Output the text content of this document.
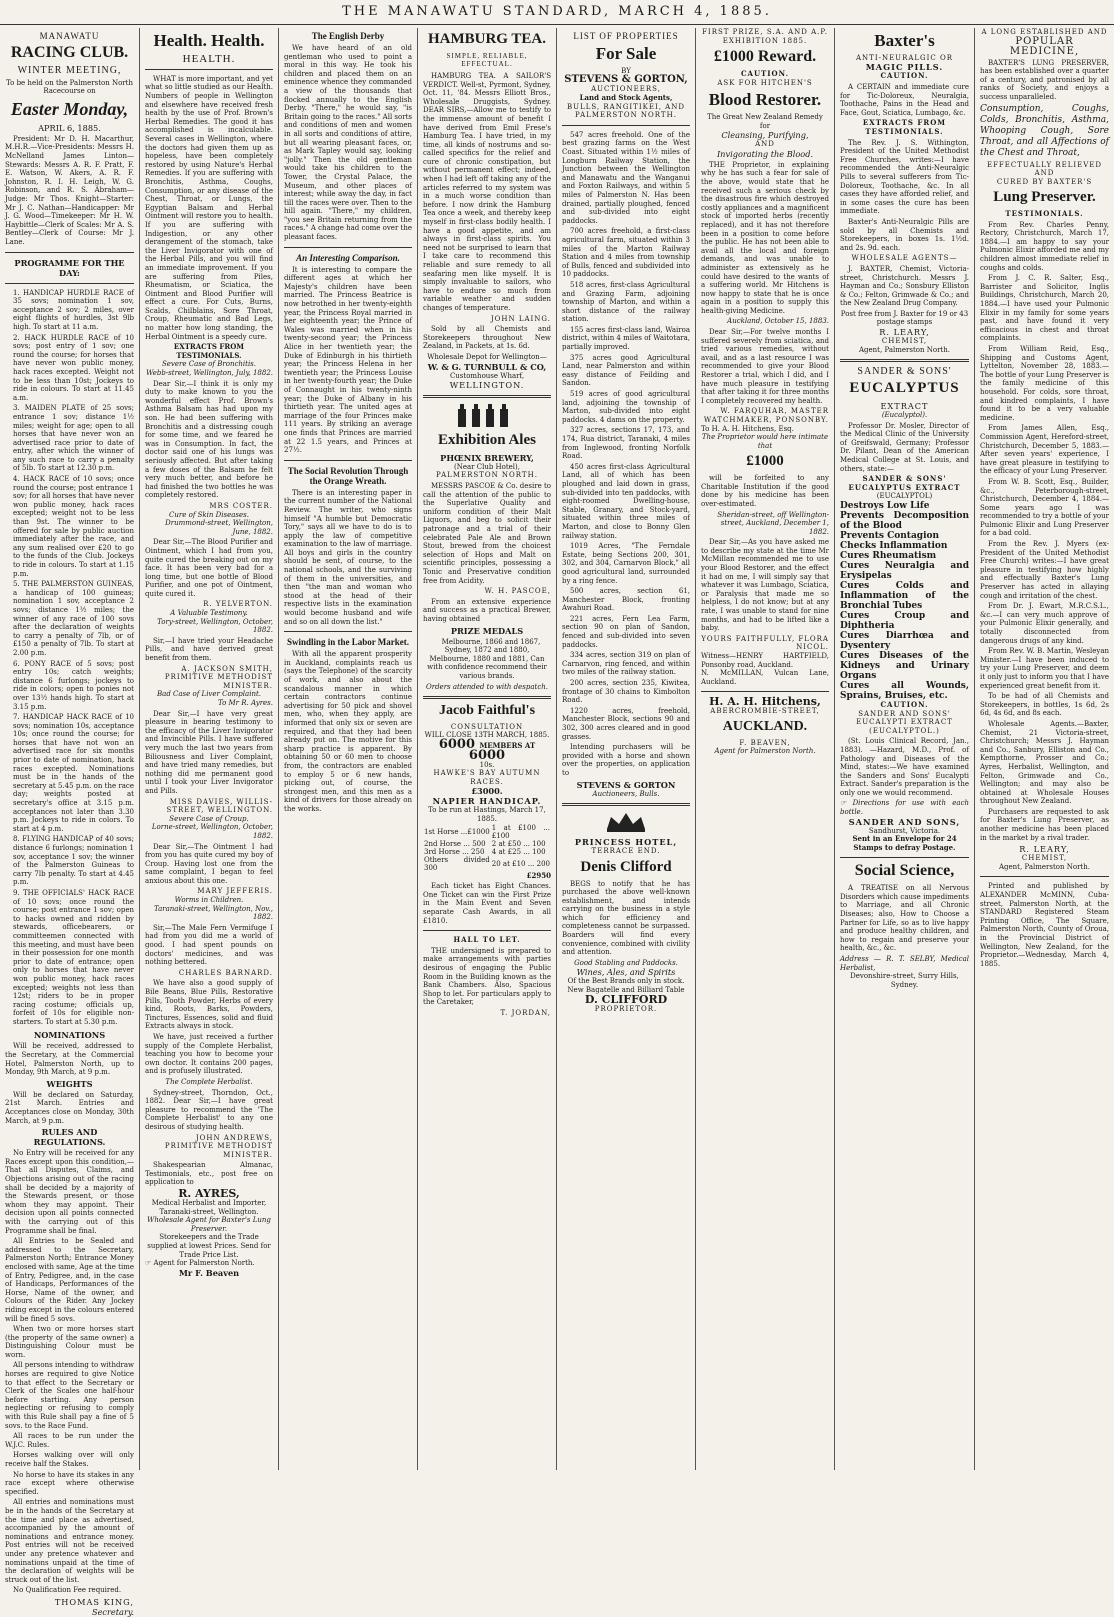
THE MANAWATU STANDARD, MARCH 4, 1885.
MANAWATU
RACING CLUB.
WINTER MEETING,
To be held on the Palmerston North Racecourse on
Easter Monday,
APRIL 6, 1885.

President: Mr D. H. Macarthur, M.H.R.—Vice-Presidents: Messrs H. McNelland James Linton—Stewards: Messrs A. R. F. Pratt, F. E. Watson, W. Akers, A. R. F. Johnston, R. I. H. Leigh, W. G. Robinson, and R. S. Abraham—Judge: Mr Thos. Knight—Starter: Mr J. C. Nathan—Handicapper: Mr J. G. Wood—Timekeeper: Mr H. W. Haybittle—Clerk of Scales: Mr A. S. Bentley—Clerk of Course: Mr J. Lane.

PROGRAMME FOR THE DAY:

1. HANDICAP HURDLE RACE of 35 sovs; nomination 1 sov, acceptance 2 sov; 2 miles, over eight flights of hurdles, 3st 9lb high. To start at 11 a.m.

2. HACK HURDLE RACE of 10 sovs; post entry of 1 sov; one round the course; for horses that have never won public money, hack races excepted. Weight not to be less than 10st; Jockeys to ride in colours. To start at 11.45 a.m.

3. MAIDEN PLATE of 25 sovs; entrance 1 sov; distance 1½ miles; weight for age; open to all horses that have never won an advertised race prior to date of entry, after which the winner of any such race to carry a penalty of 5lb. To start at 12.30 p.m.

4. HACK RACE of 10 sovs; once round the course; post entrance 1 sov; for all horses that have never won public money, hack races excepted; weight not to be less than 9st. The winner to be offered for sale by public auction immediately after the race, and any sum realised over £20 to go to the funds of the Club. Jockeys to ride in colours. To start at 1.15 p.m.

5. THE PALMERSTON GUINEAS, a handicap of 100 guineas; nomination 1 sov, acceptance 2 sovs; distance 1½ miles; the winner of any race of 100 sovs after the declaration of weights to carry a penalty of 7lb, or of £150 a penalty of 7lb. To start at 2.00 p.m.

6. PONY RACE of 5 sovs; post entry 10s; catch weights; distance 6 furlongs; jockeys to ride in colors; open to ponies not over 13½ hands high. To start at 3.15 p.m.

7. HANDICAP HACK RACE of 10 sovs; nomination 10s, acceptance 10s; once round the course; for horses that have not won an advertised race for six months prior to date of nomination, hack races excepted. Nominations must be in the hands of the secretary at 5.45 p.m. on the race day; weights posted at secretary's office at 3.15 p.m. acceptances not later than 3.30 p.m. Jockeys to ride in colors. To start at 4 p.m.

8. FLYING HANDICAP of 40 sovs; distance 6 furlongs; nomination 1 sov, acceptance 1 sov; the winner of the Palmerston Guineas to carry 7lb penalty. To start at 4.45 p.m.

9. THE OFFICIALS' HACK RACE of 10 sovs; once round the course; post entrance 1 sov; open to hacks owned and ridden by stewards, officebearers, or committeemen connected with this meeting, and must have been in their possession for one month prior to date of entrance; open only to horses that have never won public money, hack races excepted; weights not less than 12st; riders to be in proper racing costume; officials up, forfeit of 10s for eligible non-starters. To start at 5.30 p.m.

NOMINATIONS

Will be received, addressed to the Secretary, at the Commercial Hotel, Palmerston North, up to Monday, 9th March, at 9 p.m.

WEIGHTS

Will be declared on Saturday, 21st March. Entries and Acceptances close on Monday, 30th March, at 9 p.m.

RULES AND REGULATIONS.

No Entry will be received for any Races except upon this condition,—That all Disputes, Claims, and Objections arising out of the racing shall be decided by a majority of the Stewards present, or those whom they may appoint. Their decision upon all points connected with the carrying out of this Programme shall be final.

All Entries to be Sealed and addressed to the Secretary, Palmerston North; Entrance Money enclosed with same, Age at the time of Entry, Pedigree, and, in the case of Handicaps, Performances of the Horse, Name of the owner, and Colours of the Rider. Any Jockey riding except in the colours entered will be fined 5 sovs.

When two or more horses start (the property of the same owner) a Distinguishing Colour must be worn.

All persons intending to withdraw horses are required to give Notice to that effect to the Secretary or Clerk of the Scales one half-hour before starting. Any person neglecting or refusing to comply with this Rule shall pay a fine of 5 sovs. to the Race Fund.

All races to be run under the W.J.C. Rules.

Horses walking over will only receive half the Stakes.

No horse to have its stakes in any race except where otherwise specified.

All entries and nominations must be in the hands of the Secretary at the time and place as advertised, accompanied by the amount of nominations and entrance money. Post entries will not be received under any pretence whatever and nominations unpaid at the time of the declaration of weights will be struck out of the list.

No Qualification Fee required.

THOMAS KING,
Secretary.
Health. Health.
HEALTH.

WHAT is more important, and yet what so little studied as our Health. Numbers of people in Wellington and elsewhere have received fresh health by the use of Prof. Brown's Herbal Remedies. The good it has accomplished is incalculable. Several cases in Wellington, where the doctors had given them up as hopeless, have been completely restored by using Nature's Herbal Remedies. If you are suffering with Bronchitis, Asthma, Coughs, Consumption, or any disease of the Chest, Throat, or Lungs, the Egyptian Balsam and Herbal Ointment will restore you to health. If you are suffering with Indigestion, or any other derangement of the stomach, take the Liver Invigorator with one of the Herbal Pills, and you will find an immediate improvement. If you are suffering from Piles, Rheumatism, or Sciatica, the Ointment and Blood Purifier will effect a cure. For Cuts, Burns, Scalds, Chilblains, Sore Throat, Croup, Rheumatic and Bad Legs, no matter how long standing, the Herbal Ointment is a speedy cure.

EXTRACTS FROM TESTIMONIALS.
Severe Case of Bronchitis.
Webb-street, Wellington, July, 1882.

Dear Sir,—I think it is only my duty to make known to you the wonderful effect Prof. Brown's Asthma Balsam has had upon my son. He had been suffering with Bronchitis and a distressing cough for some time, and we feared he was in Consumption. In fact, the doctor said one of his lungs was seriously affected. But after taking a few doses of the Balsam he felt very much better, and before he had finished the two bottles he was completely restored.

MRS COSTER.
Cure of Skin Diseases.
Drummond-street, Wellington, June, 1882.

Dear Sir,—The Blood Purifier and Ointment, which I had from you, quite cured the breaking out on my face. It has been very bad for a long time, but one bottle of Blood Purifier, and one pot of Ointment, quite cured it.

R. YELVERTON.
A Valuable Testimony.
Tory-street, Wellington, October, 1882.

Sir,—I have tried your Headache Pills, and have derived great benefit from them.

A. JACKSON SMITH, PRIMITIVE METHODIST MINISTER.
Bad Case of Liver Complaint.
To Mr R. Ayres.

Dear Sir,—I have very great pleasure in bearing testimony to the efficacy of the Liver Invigorator and Invincible Pills. I have suffered very much the last two years from Biliousness and Liver Complaint, and have tried many remedies, but nothing did me permanent good until I took your Liver Invigorator and Pills.

MISS DAVIES, WILLIS-STREET, WELLINGTON.
Severe Case of Croup.
Lorne-street, Wellington, October, 1882.

Dear Sir,—The Ointment I had from you has quite cured my boy of Croup. Having lost one from the same complaint, I began to feel anxious about this one.

MARY JEFFERIS.
Worms in Children.
Taranaki-street, Wellington, Nov., 1882.

Sir,—The Male Fern Vermifuge I had from you did me a world of good. I had spent pounds on doctors' medicines, and was nothing bettered.

CHARLES BARNARD.

We have also a good supply of Bile Beans, Blue Pills, Restorative Pills, Tooth Powder, Herbs of every kind, Roots, Barks, Powders, Tinctures, Essences, solid and fluid Extracts always in stock.

We have, just received a further supply of the Complete Herbalist, teaching you how to become your own doctor. It contains 200 pages, and is profusely illustrated.

The Complete Herbalist.

Sydney-street, Thorndon, Oct., 1882. Dear Sir,—I have great pleasure to recommend the 'The Complete Herbalist' to any one desirous of studying health.

JOHN ANDREWS, PRIMITIVE METHODIST MINISTER.

Shakespearian Almanac, Testimonials, etc., post free on application to

R. AYRES,
Medical Herbalist and Importer, Taranaki-street, Wellington.
Wholesale Agent for Baxter's Lung Preserver.
Storekeepers and the Trade supplied at lowest Prices. Send for Trade Price List.
☞ Agent for Palmerston North.
Mr F. Beaven
The English Derby

We have heard of an old gentleman who used to point a moral in this way. He took his children and placed them on an eminence whence they commanded a view of the thousands that flocked annually to the English Derby. "There," he would say, "is Britain going to the races." All sorts and conditions of men and women in all sorts and conditions of attire, but all wearing pleasant faces, or, as Mark Tapley would say, looking "jolly." Then the old gentleman would take his children to the Tower, the Crystal Palace, the Museum, and other places of interest; while away the day, in fact till the races were over. Then to the hill again. "There," my children, "you see Britain returning from the races." A change had come over the pleasant faces.

An Interesting Comparison.

It is interesting to compare the different ages at which her Majesty's children have been married. The Princess Beatrice is now betrothed in her twenty-eighth year, the Princess Royal married in her eighteenth year; the Prince of Wales was married when in his twenty-second year; the Princess Alice in her twentieth year; the Duke of Edinburgh in his thirtieth year; the Princess Helena in her twentieth year; the Princess Louise in her twenty-fourth year; the Duke of Connaught in his twenty-ninth year; the Duke of Albany in his thirtieth year. The united ages at marriage of the four Princes make 111 years. By striking an average one finds that Princes are married at 22 1.5 years, and Princes at 27½.

The Social Revolution Through the Orange Wreath.

There is an interesting paper in the current number of the National Review. The writer, who signs himself "A humble but Democratic Tory," says all we have to do is to apply the law of competitive examination to the law of marriage. All boys and girls in the country should be sent, of course, to the national schools, and the surviving of them in the universities, and then "the man and woman who stood at the head of their respective lists in the examination would become husband and wife and so on all down the list."

Swindling in the Labor Market.

With all the apparent prosperity in Auckland, complaints reach us (says the Telephone) of the scarcity of work, and also about the scandalous manner in which certain contractors continue advertising for 50 pick and shovel men, who, when they apply, are informed that only six or seven are required, and that they had been already put on. The motive for this sharp practice is apparent. By obtaining 50 or 60 men to choose from, the contractors are enabled to employ 5 or 6 new hands, picking out, of course, the strongest men, and this men as a kind of drivers for those already on the works.

HAMBURG TEA.
SIMPLE, RELIABLE, EFFECTUAL.

HAMBURG TEA. A SAILOR'S VERDICT. Well-st, Pyrmont, Sydney, Oct. 11, '84. Messrs Elliott Bros., Wholesale Druggists, Sydney. DEAR SIRS,—Allow me to testify to the immense amount of benefit I have derived from Emil Frese's Hamburg Tea. I have tried, in my time, all kinds of nostrums and so-called specifics for the relief and cure of chronic constipation, but without permanent effect; indeed, when I had left off taking any of the articles referred to my system was in a much worse condition than before. I now drink the Hamburg Tea once a week, and thereby keep myself in first-class bodily health. I have a good appetite, and am always in first-class spirits. You need not be surprised to learn that I take care to recommend this reliable and sure remedy to all seafaring men like myself. It is simply invaluable to sailors, who have to endure so much from variable weather and sudden changes of temperature.

JOHN LAING.

Sold by all Chemists and Storekeepers throughout New Zealand, in Packets, at 1s. 6d.

Wholesale Depot for Wellington—
W. & G. TURNBULL & CO,
Customhouse Wharf,
WELLINGTON.
Exhibition Ales
PHŒNIX BREWERY,
(Near Club Hotel),
PALMERSTON NORTH.

MESSRS PASCOE & Co. desire to call the attention of the public to the Superlative Quality and uniform condition of their Malt Liquors, and beg to solicit their patronage and a trial of their celebrated Pale Ale and Brown Stout, brewed from the choicest selection of Hops and Malt on scientific principles, possessing a Tonic and Preservative condition free from Acidity.

W. H. PASCOE,

From an extensive experience and success as a practical Brewer, having obtained

PRIZE MEDALS

Melbourne, 1866 and 1867, Sydney, 1872 and 1880, Melbourne, 1880 and 1881, Can with confidence recommend their various brands.

Orders attended to with despatch.
Jacob Faithful's
CONSULTATION
WILL CLOSE 13TH MARCH, 1885.
6000 MEMBERS AT 6000
10s.
HAWKE'S BAY AUTUMN RACES.
£3000.
NAPIER HANDICAP.
To be run at Hastings, March 17, 1885.
1st Horse ...£1000	1 at £100 ...£100
2nd Horse ... 500	2 at £50 ... 100
3rd Horse ... 250	4 at £25 ... 100
Others divided 300	20 at £10 ... 200
£2950

Each ticket has Eight Chances. One Ticket can win the First Prize in the Main Event and Seven separate Cash Awards, in all £1810.

HALL TO LET.

THE undersigned is prepared to make arrangements with parties desirous of engaging the Public Room in the Building known as the Bank Chambers. Also, Spacious Shop to let. For particulars apply to the Caretaker,

T. JORDAN,
LIST OF PROPERTIES
For Sale
BY
STEVENS & GORTON,
AUCTIONEERS,
Land and Stock Agents,
BULLS, RANGITIKEI, AND PALMERSTON NORTH.

547 acres freehold. One of the best grazing farms on the West Coast. Situated within 1½ miles of Longburn Railway Station, the Junction between the Wellington and Manawatu and the Wanganui and Foxton Railways, and within 5 miles of Palmerston N. Has been drained, partially ploughed, fenced and sub-divided into eight paddocks.

700 acres freehold, a first-class agricultural farm, situated within 3 miles of the Marton Railway Station and 4 miles from township of Bulls, fenced and subdivided into 10 paddocks.

518 acres, first-class Agricultural and Grazing Farm, adjoining township of Marton, and within a short distance of the railway station.

155 acres first-class land, Wairoa district, within 4 miles of Waitotara, partially improved.

375 acres good Agricultural Land, near Palmerston and within easy distance of Feilding and Sandon.

519 acres of good agricultural land, adjoining the township of Marton, sub-divided into eight paddocks. 4 dams on the property.

327 acres, sections 17, 173, and 174, Rua district, Taranaki, 4 miles from Inglewood, fronting Norfolk Road.

450 acres first-class Agricultural Land, all of which has been ploughed and laid down in grass, sub-divided into ten paddocks, with eight-roomed Dwelling-house, Stable, Granary, and Stock-yard, situated within three miles of Marton, and close to Bonny Glen railway station.

1019 Acres, "The Ferndale Estate, being Sections 200, 301, 302, and 304, Carnarvon Block," all good agricultural land, surrounded by a ring fence.

500 acres, section 61, Manchester Block, fronting Awahuri Road.

221 acres, Fern Lea Farm, section 90 on plan of Sandon, fenced and sub-divided into seven paddocks.

334 acres, section 319 on plan of Carnarvon, ring fenced, and within two miles of the railway station.

200 acres, section 235, Kiwitea, frontage of 30 chains to Kimbolton Road.

1220 acres, freehold, Manchester Block, sections 90 and 302, 300 acres cleared and in good grasses.

Intending purchasers will be provided with a horse and shown over the properties, on application to

STEVENS & GORTON
Auctioneers, Bulls.
PRINCESS HOTEL,
TERRACE END.
Denis Clifford

BEGS to notify that he has purchased the above well-known establishment, and intends carrying on the business in a style which for efficiency and completeness cannot be surpassed. Boarders will find every convenience, combined with civility and attention.

Good Stabling and Paddocks.
Wines, Ales, and Spirits
Of the Best Brands only in stock.
New Bagatelle and Billiard Table
D. CLIFFORD
PROPRIETOR.
FIRST PRIZE, S.A. AND A.P. EXHIBITION 1885.
£1000 Reward.
CAUTION.
ASK FOR HITCHEN'S
Blood Restorer.
The Great New Zealand Remedy for
Cleansing, Purifying,
AND
Invigorating the Blood.

THE Proprietor, in explaining why he has such a fear for sale of the above, would state that he received such a serious check by the disastrous fire which destroyed costly appliances and a magnificent stock of imported herbs (recently replaced), and it has not therefore been in a position to come before the public. He has not been able to avail all the local and foreign demands, and was unable to administer as extensively as he could have desired to the wants of a suffering world. Mr Hitchens is now happy to state that he is once again in a position to supply this health-giving Medicine.

Auckland, October 15, 1883.

Dear Sir,—For twelve months I suffered severely from sciatica, and tried various remedies, without avail, and as a last resource I was recommended to give your Blood Restorer a trial, which I did, and I have much pleasure in testifying that after taking it for three months I completely recovered my health.

W. FARQUHAR, MASTER WATCHMAKER, PONSONBY.
To H. A. H. Hitchens, Esq.
The Proprietor would here intimate that
£1000

will be forfeited to any Charitable Institution if the good done by his medicine has been over-estimated.

Sheridan-street, off Wellington-street, Auckland, December 1, 1882.

Dear Sir,—As you have asked me to describe my state at the time Mr McMillan recommended me to use your Blood Restorer, and the effect it had on me, I will simply say that whatever it was Lumbago, Sciatica, or Paralysis that made me so helpless, I do not know; but at any rate, I was unable to stand for nine months, and had to be lifted like a baby.

YOURS FAITHFULLY, FLORA NICOL.
Witness—HENRY HARTFIELD, Ponsonby road, Auckland.
N. McMILLAN, Vulcan Lane, Auckland.
H. A. H. Hitchens,
ABERCROMBIE-STREET,
AUCKLAND.
F. BEAVEN,
Agent for Palmerston North.
Baxter's
ANTI-NEURALGIC OR
MAGIC PILLS.
CAUTION.

A CERTAIN and immediate cure for Tic-Doloreux, Neuralgia, Toothache, Pains in the Head and Face, Gout, Sciatica, Lumbago, &c.

EXTRACTS FROM TESTIMONIALS.

The Rev. J. S. Withington, President of the United Methodist Free Churches, writes:—I have recommended the Anti-Neuralgic Pills to several sufferers from Tic-Doloreux, Toothache, &c. In all cases they have afforded relief, and in some cases the cure has been immediate.

Baxter's Anti-Neuralgic Pills are sold by all Chemists and Storekeepers, in boxes 1s. 1½d. and 2s. 9d. each.

WHOLESALE AGENTS—

J. BAXTER, Chemist, Victoria-street, Christchurch. Messrs J. Hayman and Co.; Sonsbury Elliston & Co.; Felton, Grimwade & Co.; and the New Zealand Drug Company.

Post free from J. Baxter for 19 or 43 postage stamps
R. LEARY,
CHEMIST,
Agent, Palmerston North.
SANDER & SONS'
EUCALYPTUS
EXTRACT
(Eucalyptol).

Professor Dr. Mosler, Director of the Medical Clinic of the University of Greifswald, Germany; Professor Dr. Pilant, Dean of the American Medical College at St. Louis, and others, state:—

SANDER & SONS' EUCALYPTUS EXTRACT
(EUCALYPTOL)
Destroys Low Life
Prevents Decomposition of the Blood
Prevents Contagion
Checks Inflammation
Cures Rheumatism
Cures Neuralgia and Erysipelas
Cures Colds and Inflammation of the Bronchial Tubes
Cures Croup and Diphtheria
Cures Diarrhœa and Dysentery
Cures Diseases of the Kidneys and Urinary Organs
Cures all Wounds, Sprains, Bruises, etc.
CAUTION.
SANDER AND SONS' EUCALYPTI EXTRACT (EUCALYPTOL.)

(St. Louis Clinical Record, Jan., 1883). —Hazard, M.D., Prof. of Pathology and Diseases of the Mind, states:—We have examined the Sanders and Sons' Eucalypti Extract. Sander's preparation is the only one we would recommend.

☞ Directions for use with each bottle.
SANDER AND SONS,
Sandhurst, Victoria.
Sent in an Envelope for 24 Stamps to defray Postage.
Social Science,

A TREATISE on all Nervous Disorders which cause impediments to Marriage, and all Chronic Diseases; also, How to Choose a Partner for Life, so as to live happy and produce healthy children, and how to regain and preserve your health, &c., &c.

Address — R. T. SELBY, Medical Herbalist,
Devonshire-street, Surry Hills, Sydney.
A LONG ESTABLISHED AND
POPULAR MEDICINE,

BAXTER'S LUNG PRESERVER, has been established over a quarter of a century, and patronised by all ranks of Society, and enjoys a success unparalleled.

Consumption, Coughs, Colds, Bronchitis, Asthma, Whooping Cough, Sore Throat, and all Affections of the Chest and Throat,

EFFECTUALLY RELIEVED AND
CURED BY BAXTER'S
Lung Preserver.
TESTIMONIALS.

From Rev. Charles Penny, Rectory, Christchurch, March 17, 1884.—I am happy to say your Pulmonic Elixir afforded me and my children almost immediate relief in coughs and colds.

From J. C. R. Salter, Esq., Barrister and Solicitor, Inglis Buildings, Christchurch, March 20, 1884.—I have used your Pulmonic Elixir in my family for some years past, and have found it very efficacious in chest and throat complaints.

From William Reid, Esq., Shipping and Customs Agent, Lyttelton, November 28, 1883.—The bottle of your Lung Preserver is the family medicine of this household. For colds, sore throat, and kindred complaints, I have found it to be a very valuable medicine.

From James Allen, Esq., Commission Agent, Hereford-street, Christchurch, December 5, 1883.—After seven years' experience, I have great pleasure in testifying to the efficacy of your Lung Preserver.

From W. B. Scott, Esq., Builder, &c., Peterborough-street, Christchurch, December 4, 1884.—Some years ago I was recommended to try a bottle of your Pulmonic Elixir and Lung Preserver for a bad cold.

From the Rev. J. Myers (ex-President of the United Methodist Free Church) writes:—I have great pleasure in testifying how highly and effectually Baxter's Lung Preserver has acted in allaying cough and irritation of the chest.

From Dr. J. Ewart, M.R.C.S.L., &c.—I can very much approve of your Pulmonic Elixir generally, and totally disconnected from dangerous drugs of any kind.

From Rev. W. B. Martin, Wesleyan Minister.—I have been induced to try your Lung Preserver, and deem it only just to inform you that I have experienced great benefit from it.

To be had of all Chemists and Storekeepers, in bottles, 1s 6d, 2s 6d, 4s 6d, and 8s each.

Wholesale Agents.—Baxter, Chemist, 21 Victoria-street, Christchurch; Messrs J. Hayman and Co., Sanbury, Elliston and Co., Kempthorne, Prosser and Co.; Ayres, Herbalist, Wellington, and Felton, Grimwade and Co., Wellington; and may also be obtained at Wholesale Houses throughout New Zealand.

Purchasers are requested to ask for Baxter's Lung Preserver, as another medicine has been placed in the market by a rival trader.

R. LEARY,
CHEMIST,
Agent, Palmerston North.

Printed and published by ALEXANDER McMINN, Cuba-street, Palmerston North, at the STANDARD Registered Steam Printing Office, The Square, Palmerston North, County of Oroua, in the Provincial District of Wellington, New Zealand, for the Proprietor.—Wednesday, March 4, 1885.
